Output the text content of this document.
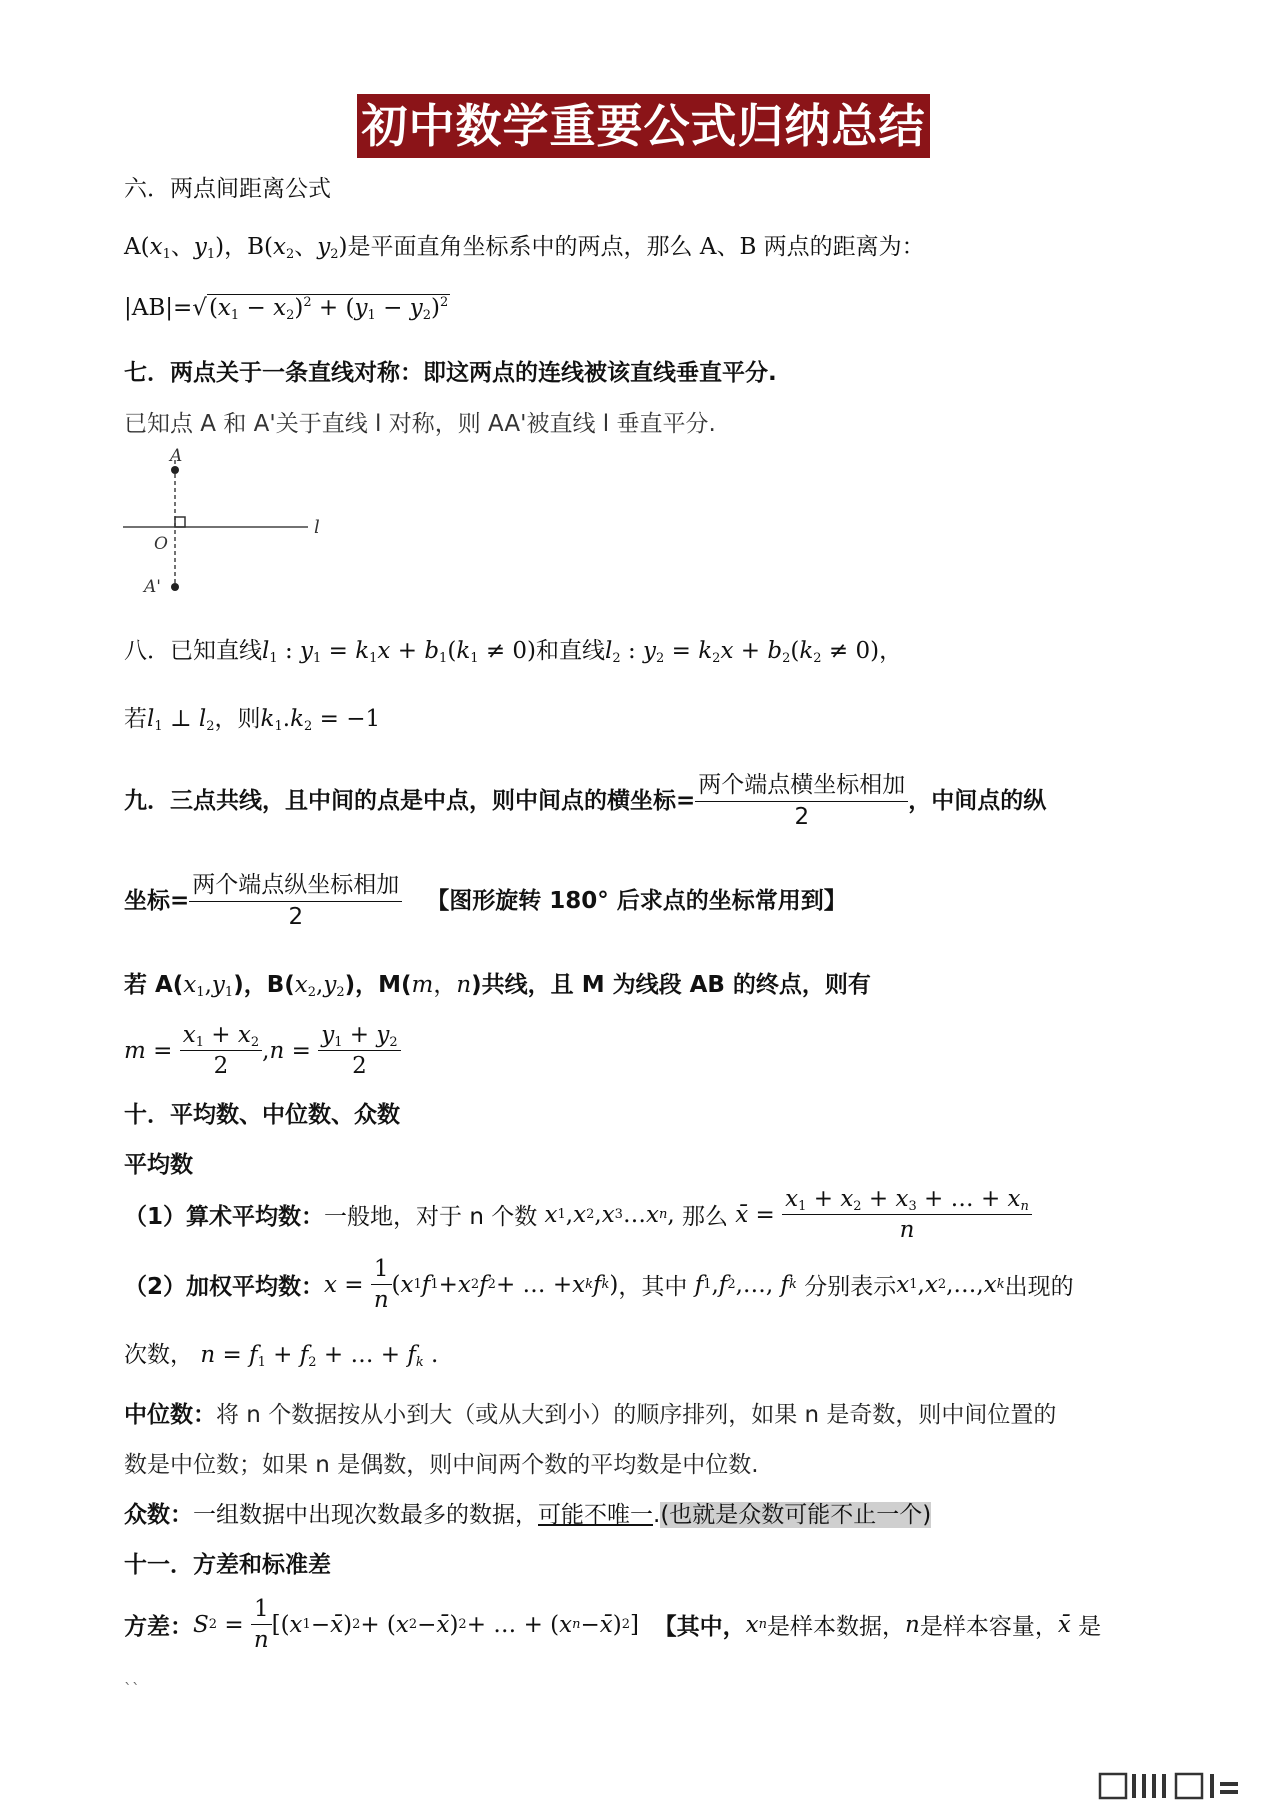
初中数学重要公式归纳总结
六．两点间距离公式
$A(x_1$、$y_1$)，$B(x_2$、$y_2$)是平面直角坐标系中的两点，那么 A、B 两点的距离为：
$|AB|=√(x_1 - x_2)^2 + (y_1 - y_2)^2$
七．两点关于一条直线对称：即这两点的连线被该直线垂直平分.
已知点 A 和 A'关于直线 l 对称，则 AA'被直线 l 垂直平分.
A
O
A'
l
八．已知直线$l_1$ : $y_1 = k_1x + b_1(k_1 \ne 0)$和直线$l_2$ : $y_2 = k_2x + b_2(k_2 \ne 0)$，
若$l_1$ ⊥ $l_2$，则$k_1.k_2 = -1$
九．三点共线，且中间的点是中点，则中间点的横坐标= $\frac{\text{两个端点横坐标相加}}{2}$ ，中间点的纵
坐标= $\frac{\text{两个端点纵坐标相加}}{2}$ 【图形旋转 180° 后求点的坐标常用到】
若 $A(x_1,y_1)$，$B(x_2,y_2)$，M(m，n)共线，且 M 为线段 AB 的终点，则有
$m = \frac{x_1 + x_2}{2}$ , $n = \frac{y_1 + y_2}{2}$
十．平均数、中位数、众数
平均数
（1）算术平均数： 一般地，对于 n 个数
x 1 , x 2 , x 3 … x n , 那么
x̄ = $\frac{x_1 + x_2 + x_3 + \dots + x_n}{n}$
（2）加权平均数： $x = \frac{1}{n}$ ( x 1 f 1 + x 2 f 2 + … + x k f k ) ，其中
f 1 , f 2 ,…, f k
分别表示 x 1 , x 2 ,…, x k 出现的
次数， $n = f_1 + f_2$ + … + $f_k$ .
中位数：将 n 个数据按从小到大（或从大到小）的顺序排列，如果 n 是奇数，则中间位置的
数是中位数；如果 n 是偶数，则中间两个数的平均数是中位数.
众数：一组数据中出现次数最多的数据，可能不唯一.(也就是众数可能不止一个)
十一．方差和标准差
方差： S $2 = \frac{1}{n}$ [( x 1 − x̄ ) 2 + ( x 2 − x̄ ) 2 + … + ( x n − x̄ ) 2 ] 【其中， x n 是样本数据， n 是样本容量， x̄
是
``
